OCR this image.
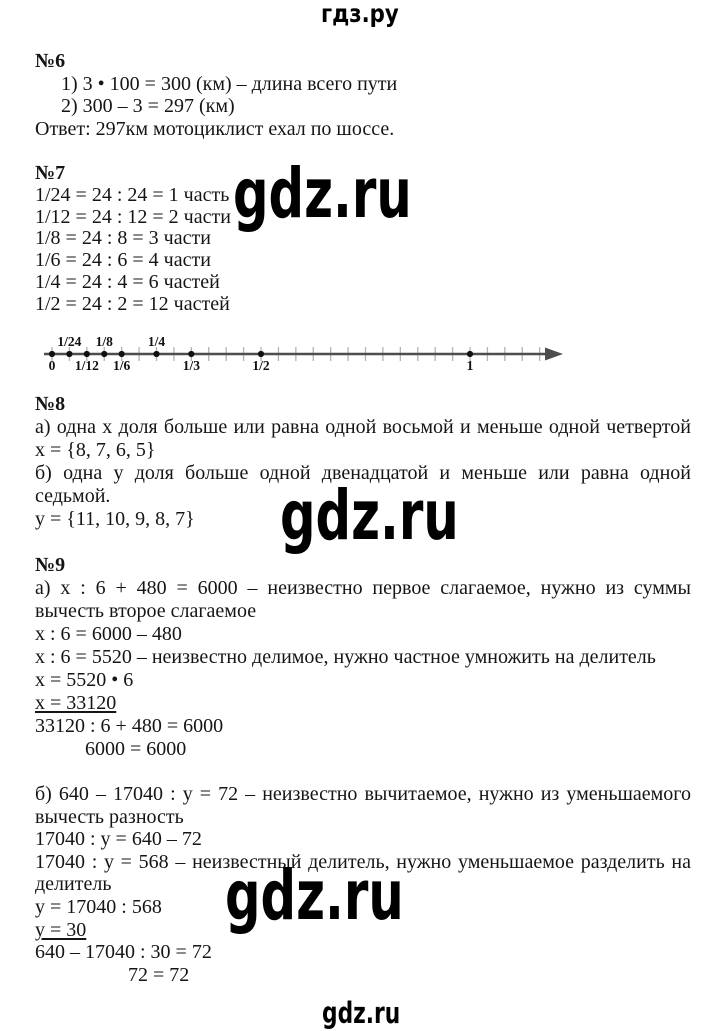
гдз.ру
№6
1) 3 • 100 = 300 (км) – длина всего пути
2) 300 – 3 = 297 (км)
Ответ: 297км мотоциклист ехал по шоссе.
№7
1/24 = 24 : 24 = 1 часть
1/12 = 24 : 12 = 2 части
1/8 = 24 : 8 = 3 части
1/6 = 24 : 6 = 4 части
1/4 = 24 : 4 = 6 частей
1/2 = 24 : 2 = 12 частей
gdz.ru
0
1/24
1/12
1/8
1/6
1/4
1/3	1/2	1
№8
а) одна x доля больше или равна одной восьмой и меньше одной четвертой
x = {8, 7, 6, 5}
б) одна y доля больше одной двенадцатой и меньше или равна одной
седьмой.
y = {11, 10, 9, 8, 7}	gdz.ru
№9
а) x : 6 + 480 = 6000 – неизвестно первое слагаемое, нужно из суммы
вычесть второе слагаемое
x : 6 = 6000 – 480
x : 6 = 5520 – неизвестно делимое, нужно частное умножить на делитель
x = 5520 • 6
x = 33120
33120 : 6 + 480 = 6000
6000 = 6000
б) 640 – 17040 : y = 72 – неизвестно вычитаемое, нужно из уменьшаемого
вычесть разность
17040 : y = 640 – 72
17040 : y = 568 – неизвестный делитель, нужно уменьшаемое разделить на
делитель
y = 17040 : 568
y = 30
640 – 17040 : 30 = 72
72 = 72
gdz.ru
gdz.ru
